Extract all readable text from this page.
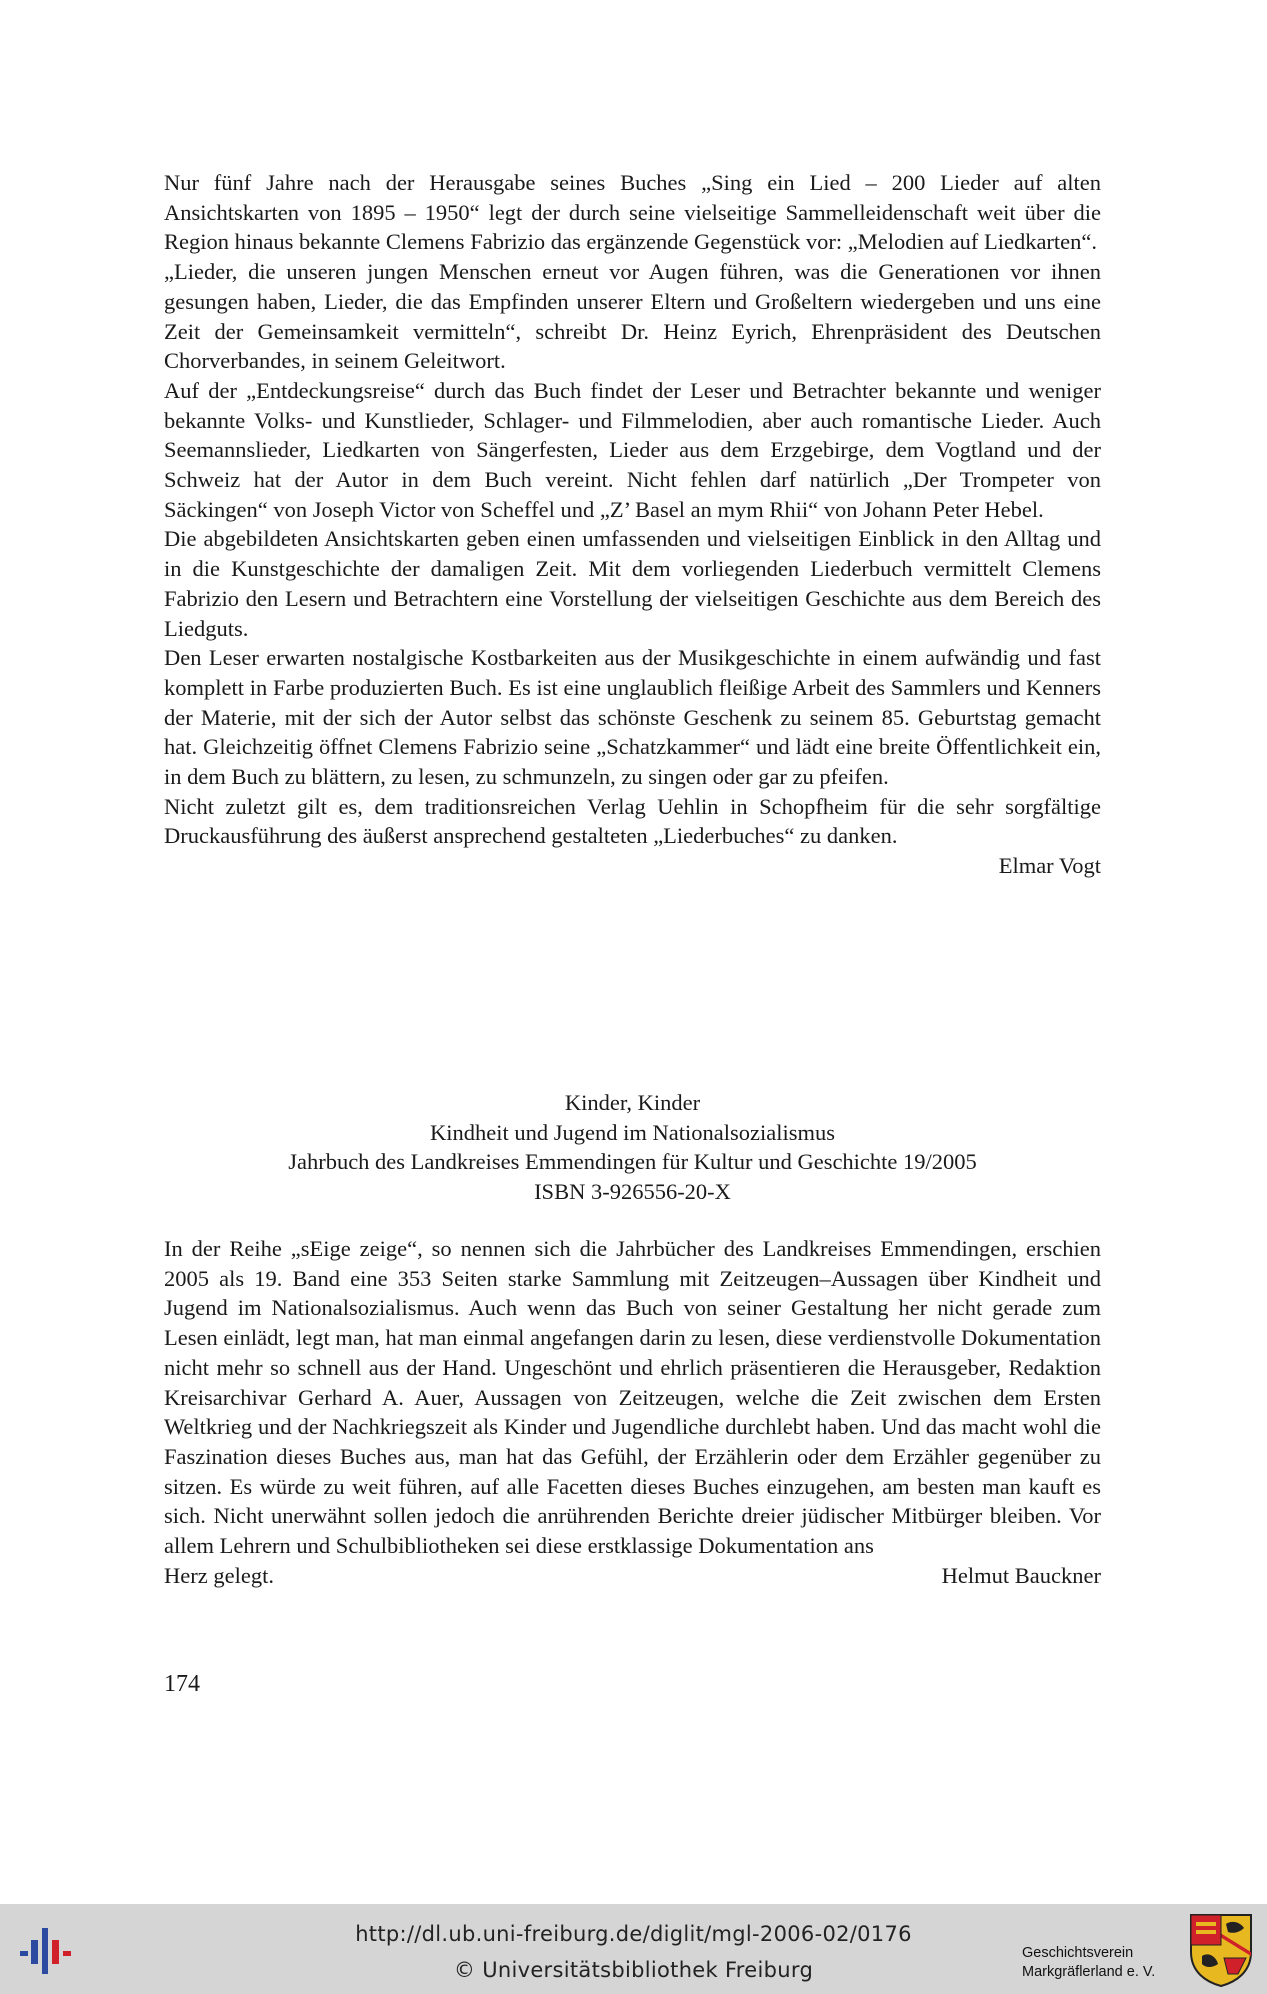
Nur fünf Jahre nach der Herausgabe seines Buches „Sing ein Lied – 200 Lieder auf alten Ansichtskarten von 1895 – 1950“ legt der durch seine vielseitige Sammelleidenschaft weit über die Region hinaus bekannte Clemens Fabrizio das ergänzende Gegenstück vor: „Melodien auf Liedkarten“.

„Lieder, die unseren jungen Menschen erneut vor Augen führen, was die Generationen vor ihnen gesungen haben, Lieder, die das Empfinden unserer Eltern und Großeltern wiedergeben und uns eine Zeit der Gemeinsamkeit vermitteln“, schreibt Dr. Heinz Eyrich, Ehrenpräsident des Deutschen Chorverbandes, in seinem Geleitwort.

Auf der „Entdeckungsreise“ durch das Buch findet der Leser und Betrachter bekannte und weniger bekannte Volks- und Kunstlieder, Schlager- und Filmmelodien, aber auch romantische Lieder. Auch Seemannslieder, Liedkarten von Sängerfesten, Lieder aus dem Erzgebirge, dem Vogtland und der Schweiz hat der Autor in dem Buch vereint. Nicht fehlen darf natürlich „Der Trompeter von Säckingen“ von Joseph Victor von Scheffel und „Z’ Basel an mym Rhii“ von Johann Peter Hebel.

Die abgebildeten Ansichtskarten geben einen umfassenden und vielseitigen Einblick in den Alltag und in die Kunstgeschichte der damaligen Zeit. Mit dem vorliegenden Liederbuch vermittelt Clemens Fabrizio den Lesern und Betrachtern eine Vorstellung der vielseitigen Geschichte aus dem Bereich des Liedguts.

Den Leser erwarten nostalgische Kostbarkeiten aus der Musikgeschichte in einem aufwändig und fast komplett in Farbe produzierten Buch. Es ist eine unglaublich fleißige Arbeit des Sammlers und Kenners der Materie, mit der sich der Autor selbst das schönste Geschenk zu seinem 85. Geburtstag gemacht hat. Gleichzeitig öffnet Clemens Fabrizio seine „Schatzkammer“ und lädt eine breite Öffentlichkeit ein, in dem Buch zu blättern, zu lesen, zu schmunzeln, zu singen oder gar zu pfeifen.

Nicht zuletzt gilt es, dem traditionsreichen Verlag Uehlin in Schopfheim für die sehr sorgfältige Druckausführung des äußerst ansprechend gestalteten „Liederbuches“ zu danken.

Elmar Vogt

Kinder, Kinder
Kindheit und Jugend im Nationalsozialismus
Jahrbuch des Landkreises Emmendingen für Kultur und Geschichte 19/2005
ISBN 3-926556-20-X

In der Reihe „sEige zeige“, so nennen sich die Jahrbücher des Landkreises Emmendingen, erschien 2005 als 19. Band eine 353 Seiten starke Sammlung mit Zeitzeugen–Aussagen über Kindheit und Jugend im Nationalsozialismus. Auch wenn das Buch von seiner Gestaltung her nicht gerade zum Lesen einlädt, legt man, hat man einmal angefangen darin zu lesen, diese verdienstvolle Dokumentation nicht mehr so schnell aus der Hand. Ungeschönt und ehrlich präsentieren die Herausgeber, Redaktion Kreisarchivar Gerhard A. Auer, Aussagen von Zeitzeugen, welche die Zeit zwischen dem Ersten Weltkrieg und der Nachkriegszeit als Kinder und Jugendliche durchlebt haben. Und das macht wohl die Faszination dieses Buches aus, man hat das Gefühl, der Erzählerin oder dem Erzähler gegenüber zu sitzen. Es würde zu weit führen, auf alle Facetten dieses Buches einzugehen, am besten man kauft es sich. Nicht unerwähnt sollen jedoch die anrührenden Berichte dreier jüdischer Mitbürger bleiben. Vor allem Lehrern und Schulbibliotheken sei diese erstklassige Dokumentation ans

Herz gelegt.	Helmut Bauckner
174
http://dl.ub.uni-freiburg.de/diglit/mgl-2006-02/0176
© Universitätsbibliothek Freiburg
Geschichtsverein
Markgräflerland e. V.
